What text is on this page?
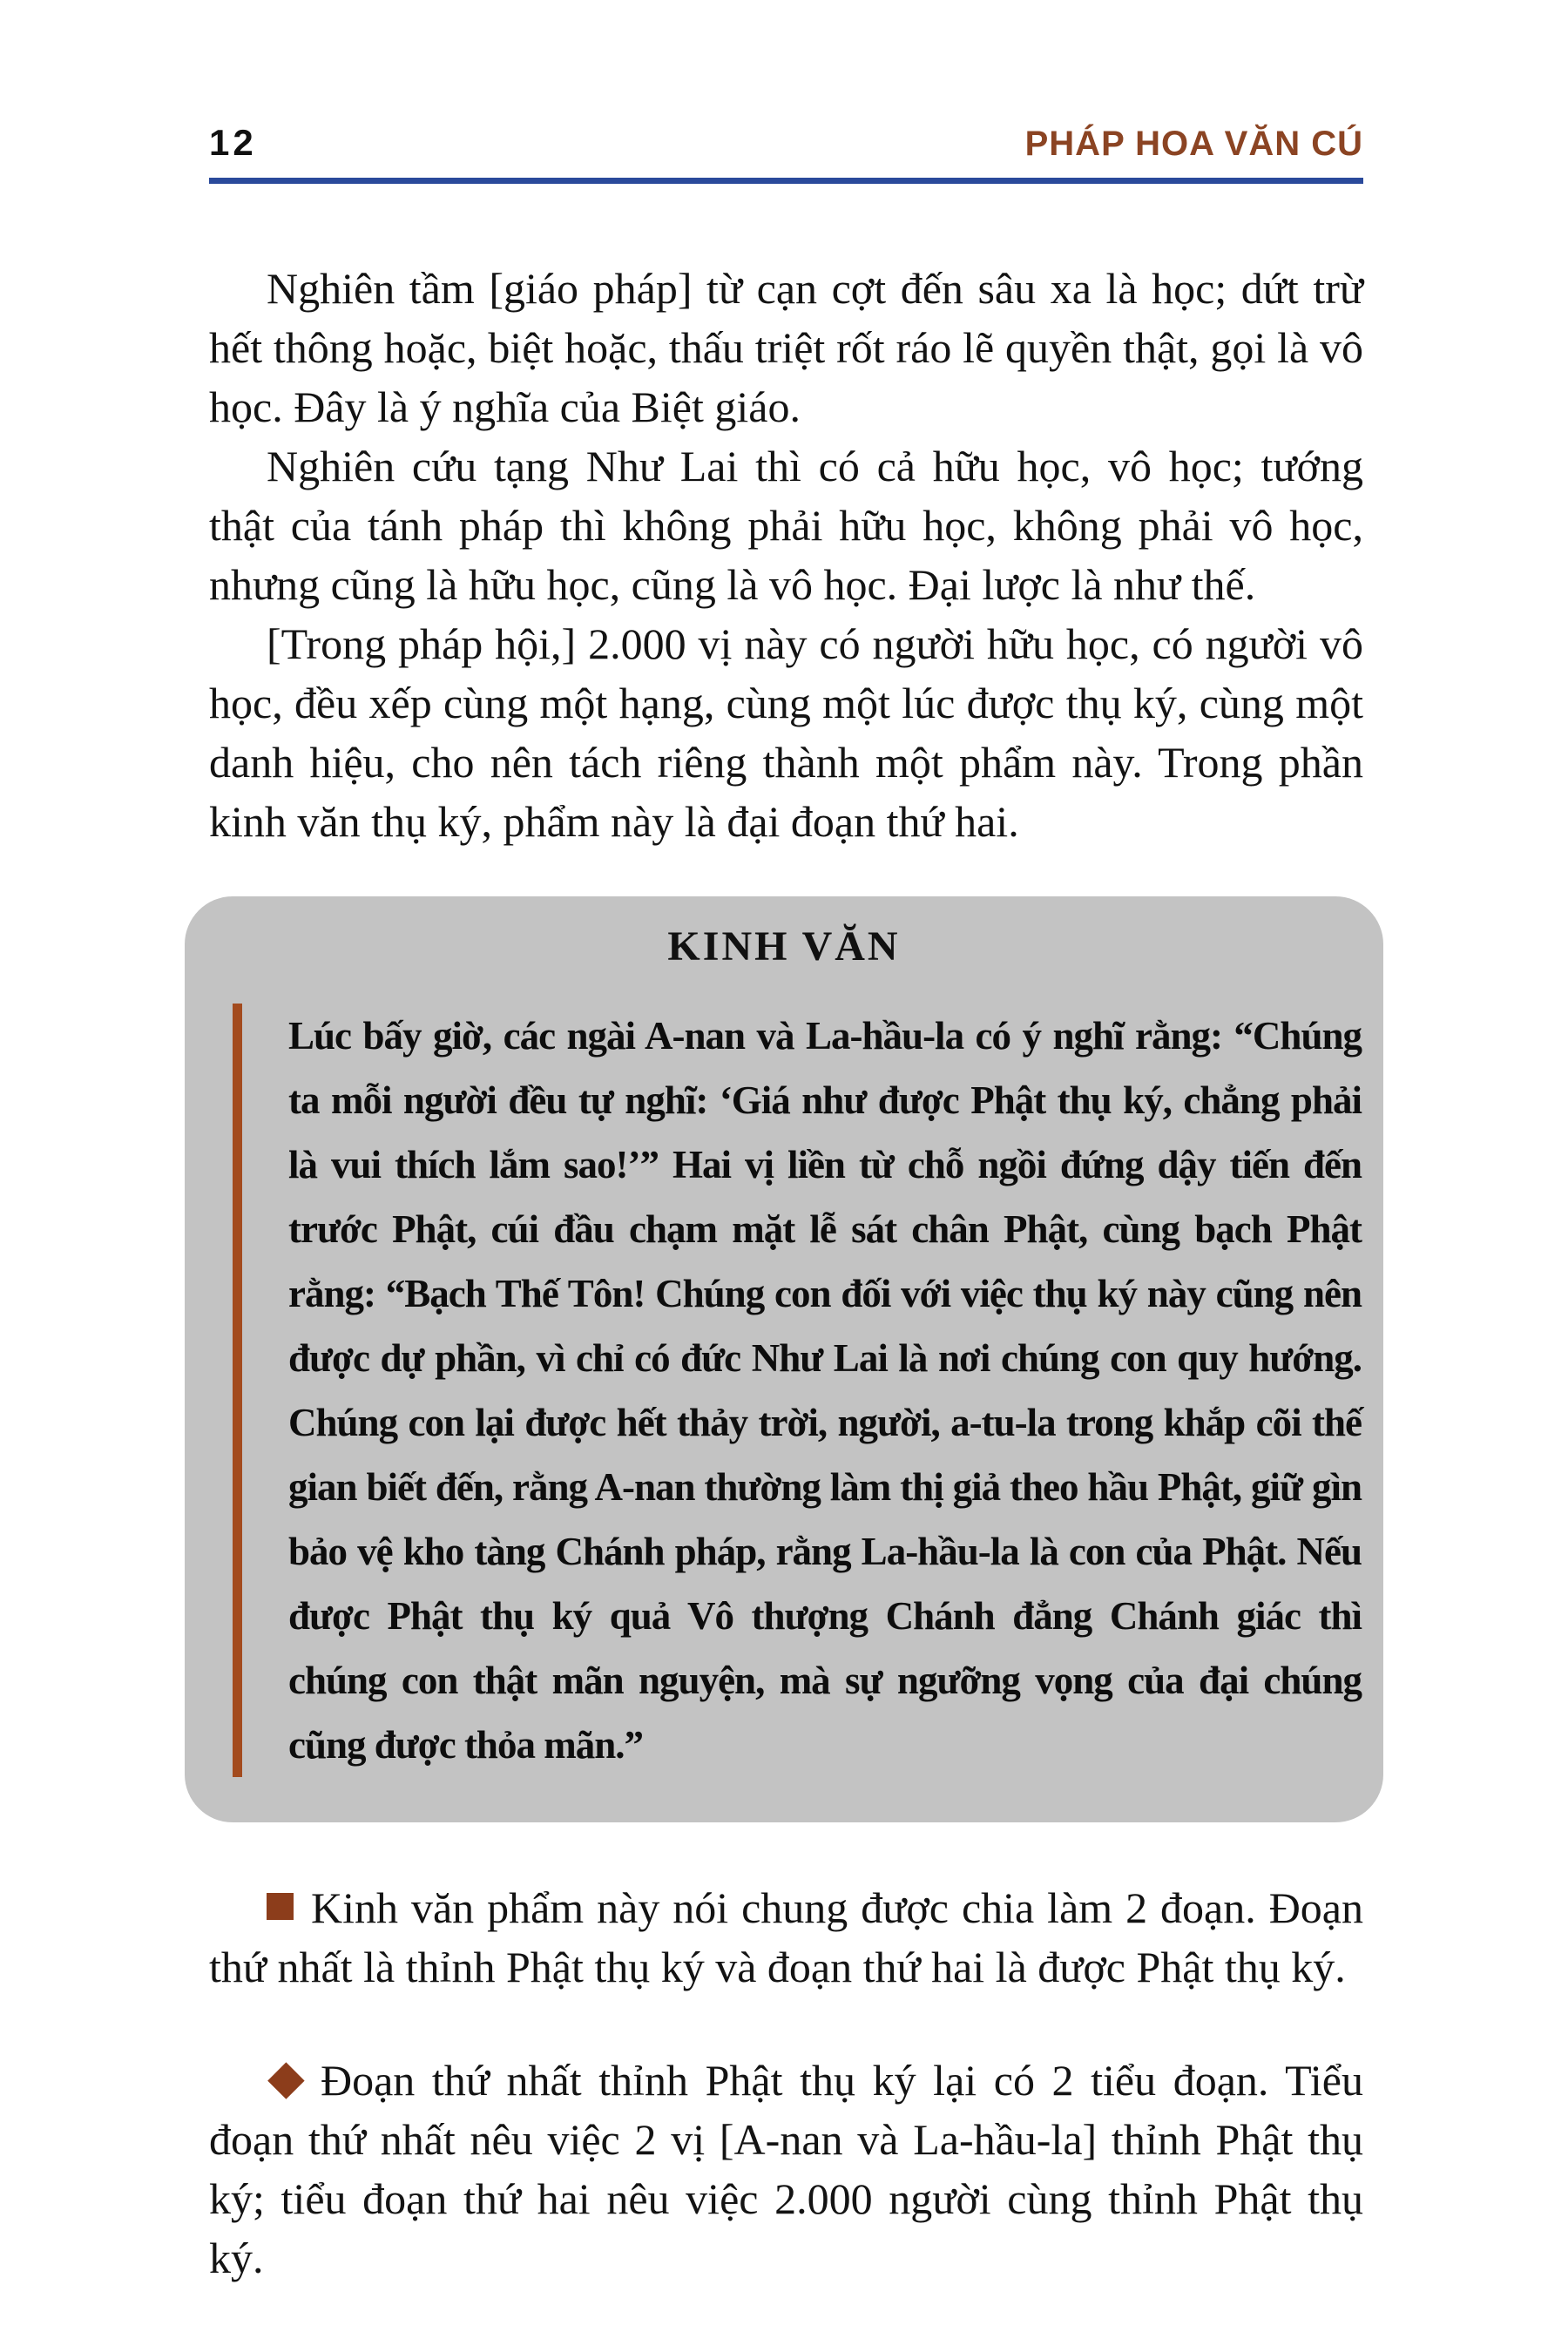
12	PHÁP HOA VĂN CÚ

Nghiên tầm [giáo pháp] từ cạn cợt đến sâu xa là học; dứt trừ hết thông hoặc, biệt hoặc, thấu triệt rốt ráo lẽ quyền thật, gọi là vô học. Đây là ý nghĩa của Biệt giáo.

Nghiên cứu tạng Như Lai thì có cả hữu học, vô học; tướng thật của tánh pháp thì không phải hữu học, không phải vô học, nhưng cũng là hữu học, cũng là vô học. Đại lược là như thế.

[Trong pháp hội,] 2.000 vị này có người hữu học, có người vô học, đều xếp cùng một hạng, cùng một lúc được thụ ký, cùng một danh hiệu, cho nên tách riêng thành một phẩm này. Trong phần kinh văn thụ ký, phẩm này là đại đoạn thứ hai.

KINH VĂN

Lúc bấy giờ, các ngài A-nan và La-hầu-la có ý nghĩ rằng: “Chúng ta mỗi người đều tự nghĩ: ‘Giá như được Phật thụ ký, chẳng phải là vui thích lắm sao!’” Hai vị liền từ chỗ ngồi đứng dậy tiến đến trước Phật, cúi đầu chạm mặt lễ sát chân Phật, cùng bạch Phật rằng: “Bạch Thế Tôn! Chúng con đối với việc thụ ký này cũng nên được dự phần, vì chỉ có đức Như Lai là nơi chúng con quy hướng. Chúng con lại được hết thảy trời, người, a-tu-la trong khắp cõi thế gian biết đến, rằng A-nan thường làm thị giả theo hầu Phật, giữ gìn bảo vệ kho tàng Chánh pháp, rằng La-hầu-la là con của Phật. Nếu được Phật thụ ký quả Vô thượng Chánh đẳng Chánh giác thì chúng con thật mãn nguyện, mà sự ngưỡng vọng của đại chúng cũng được thỏa mãn.”

Kinh văn phẩm này nói chung được chia làm 2 đoạn. Đoạn thứ nhất là thỉnh Phật thụ ký và đoạn thứ hai là được Phật thụ ký.

Đoạn thứ nhất thỉnh Phật thụ ký lại có 2 tiểu đoạn. Tiểu đoạn thứ nhất nêu việc 2 vị [A-nan và La-hầu-la] thỉnh Phật thụ ký; tiểu đoạn thứ hai nêu việc 2.000 người cùng thỉnh Phật thụ ký.
